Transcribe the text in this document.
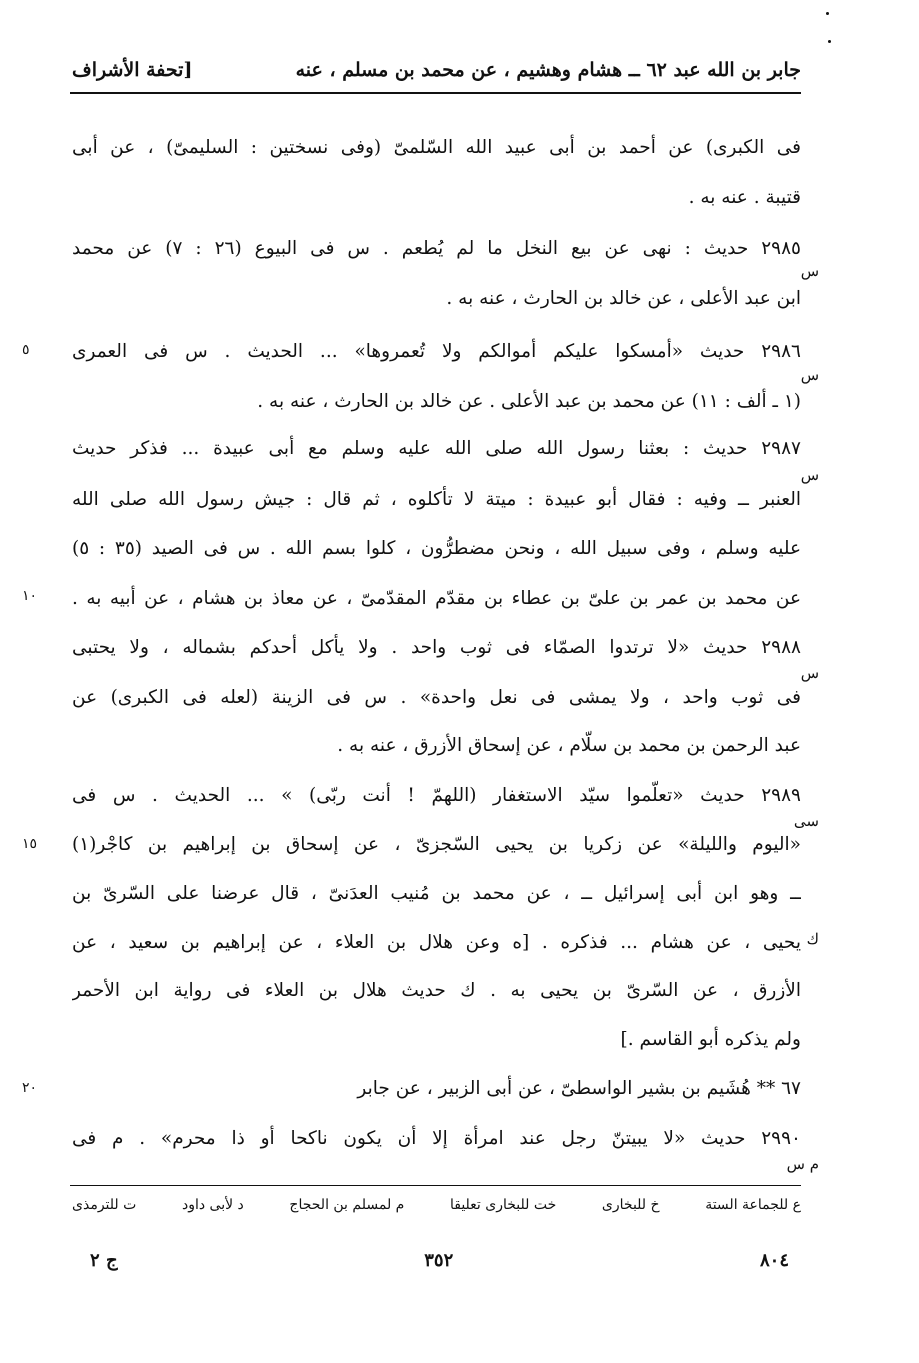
[تحفة الأشراف	جابر بن الله عبد ٦٢ ــ هشام وهشيم ، عن محمد بن مسلم ، عنه
فى الكبرى) عن أحمد بن أبى عبيد الله السّلمىّ (وفى نسختين : السليمىّ) ، عن أبى
قتيبة . عنه به .
٢٩٨٥ حديث : نهى عن بيع النخل ما لم يُطعم . س فى البيوع (٢٦ : ٧) عن محمد
س
ابن عبد الأعلى ، عن خالد بن الحارث ، عنه به .
٢٩٨٦ حديث «أمسكوا عليكم أموالكم ولا تُعمروها» ... الحديث . س فى العمرى
س
٥
(١ ـ ألف : ١١) عن محمد بن عبد الأعلى . عن خالد بن الحارث ، عنه به .
٢٩٨٧ حديث : بعثنا رسول الله صلى الله عليه وسلم مع أبى عبيدة ... فذكر حديث
س
العنبر ــ وفيه : فقال أبو عبيدة : ميتة لا تأكلوه ، ثم قال : جيش رسول الله صلى الله
عليه وسلم ، وفى سبيل الله ، ونحن مضطرُّون ، كلوا بسم الله . س فى الصيد (٣٥ : ٥)
عن محمد بن عمر بن علىّ بن عطاء بن مقدّم المقدّمىّ ، عن معاذ بن هشام ، عن أبيه به .
١٠
٢٩٨٨ حديث «لا ترتدوا الصمّاء فى ثوب واحد . ولا يأكل أحدكم بشماله ، ولا يحتبى
س
فى ثوب واحد ، ولا يمشى فى نعل واحدة» . س فى الزينة (لعله فى الكبرى) عن
عبد الرحمن بن محمد بن سلّام ، عن إسحاق الأزرق ، عنه به .
٢٩٨٩ حديث «تعلّموا سيّد الاستغفار (اللهمّ ! أنت ربّى) » ... الحديث . س فى
سى
«اليوم والليلة» عن زكريا بن يحيى السّجزىّ ، عن إسحاق بن إبراهيم بن كاجْر(١)
١٥
ــ وهو ابن أبى إسرائيل ــ ، عن محمد بن مُنيب العدَنىّ ، قال عرضنا على السّرىّ بن
ك
يحيى ، عن هشام ... فذكره . [ه وعن هلال بن العلاء ، عن إبراهيم بن سعيد ، عن
الأزرق ، عن السّرىّ بن يحيى به . ك حديث هلال بن العلاء فى رواية ابن الأحمر
ولم يذكره أبو القاسم .]
٦٧ ** هُشَيم بن بشير الواسطىّ ، عن أبى الزبير ، عن جابر
٢٠
٢٩٩٠ حديث «لا يبيتنّ رجل عند امرأة إلا أن يكون ناكحا أو ذا محرم» . م فى
م س
ع للجماعة الستة
خ للبخارى
خت للبخارى تعليقا
م لمسلم بن الحجاج
د لأبى داود
ت للترمذى
٨٠٤
٣٥٢
ج ٢
